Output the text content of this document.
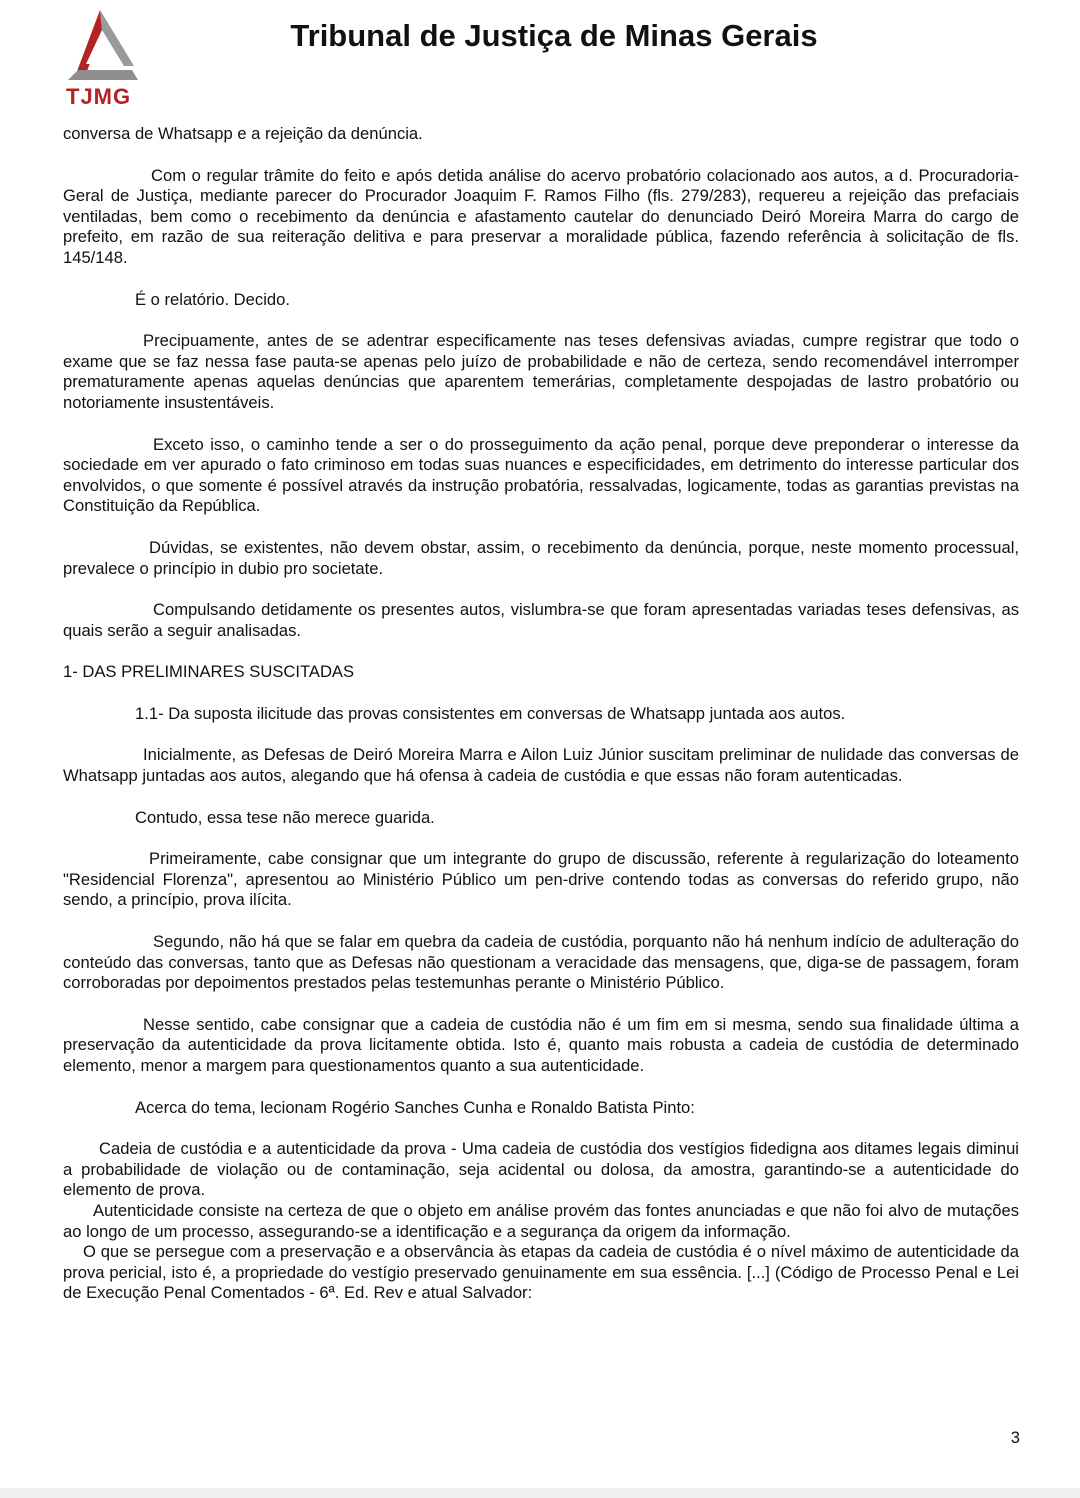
TJMG
Tribunal de Justiça de Minas Gerais

conversa de Whatsapp e a rejeição da denúncia.

Com o regular trâmite do feito e após detida análise do acervo probatório colacionado aos autos, a d. Procuradoria-Geral de Justiça, mediante parecer do Procurador Joaquim F. Ramos Filho (fls. 279/283), requereu a rejeição das prefaciais ventiladas, bem como o recebimento da denúncia e afastamento cautelar do denunciado Deiró Moreira Marra do cargo de prefeito, em razão de sua reiteração delitiva e para preservar a moralidade pública, fazendo referência à solicitação de fls. 145/148.

É o relatório. Decido.

Precipuamente, antes de se adentrar especificamente nas teses defensivas aviadas, cumpre registrar que todo o exame que se faz nessa fase pauta-se apenas pelo juízo de probabilidade e não de certeza, sendo recomendável interromper prematuramente apenas aquelas denúncias que aparentem temerárias, completamente despojadas de lastro probatório ou notoriamente insustentáveis.

Exceto isso, o caminho tende a ser o do prosseguimento da ação penal, porque deve preponderar o interesse da sociedade em ver apurado o fato criminoso em todas suas nuances e especificidades, em detrimento do interesse particular dos envolvidos, o que somente é possível através da instrução probatória, ressalvadas, logicamente, todas as garantias previstas na Constituição da República.

Dúvidas, se existentes, não devem obstar, assim, o recebimento da denúncia, porque, neste momento processual, prevalece o princípio in dubio pro societate.

Compulsando detidamente os presentes autos, vislumbra-se que foram apresentadas variadas teses defensivas, as quais serão a seguir analisadas.

1- DAS PRELIMINARES SUSCITADAS

1.1- Da suposta ilicitude das provas consistentes em conversas de Whatsapp juntada aos autos.

Inicialmente, as Defesas de Deiró Moreira Marra e Ailon Luiz Júnior suscitam preliminar de nulidade das conversas de Whatsapp juntadas aos autos, alegando que há ofensa à cadeia de custódia e que essas não foram autenticadas.

Contudo, essa tese não merece guarida.

Primeiramente, cabe consignar que um integrante do grupo de discussão, referente à regularização do loteamento "Residencial Florenza", apresentou ao Ministério Público um pen-drive contendo todas as conversas do referido grupo, não sendo, a princípio, prova ilícita.

Segundo, não há que se falar em quebra da cadeia de custódia, porquanto não há nenhum indício de adulteração do conteúdo das conversas, tanto que as Defesas não questionam a veracidade das mensagens, que, diga-se de passagem, foram corroboradas por depoimentos prestados pelas testemunhas perante o Ministério Público.

Nesse sentido, cabe consignar que a cadeia de custódia não é um fim em si mesma, sendo sua finalidade última a preservação da autenticidade da prova licitamente obtida. Isto é, quanto mais robusta a cadeia de custódia de determinado elemento, menor a margem para questionamentos quanto a sua autenticidade.

Acerca do tema, lecionam Rogério Sanches Cunha e Ronaldo Batista Pinto:

Cadeia de custódia e a autenticidade da prova - Uma cadeia de custódia dos vestígios fidedigna aos ditames legais diminui a probabilidade de violação ou de contaminação, seja acidental ou dolosa, da amostra, garantindo-se a autenticidade do elemento de prova.

Autenticidade consiste na certeza de que o objeto em análise provém das fontes anunciadas e que não foi alvo de mutações ao longo de um processo, assegurando-se a identificação e a segurança da origem da informação.

O que se persegue com a preservação e a observância às etapas da cadeia de custódia é o nível máximo de autenticidade da prova pericial, isto é, a propriedade do vestígio preservado genuinamente em sua essência. [...] (Código de Processo Penal e Lei de Execução Penal Comentados - 6ª. Ed. Rev e atual Salvador:

3
